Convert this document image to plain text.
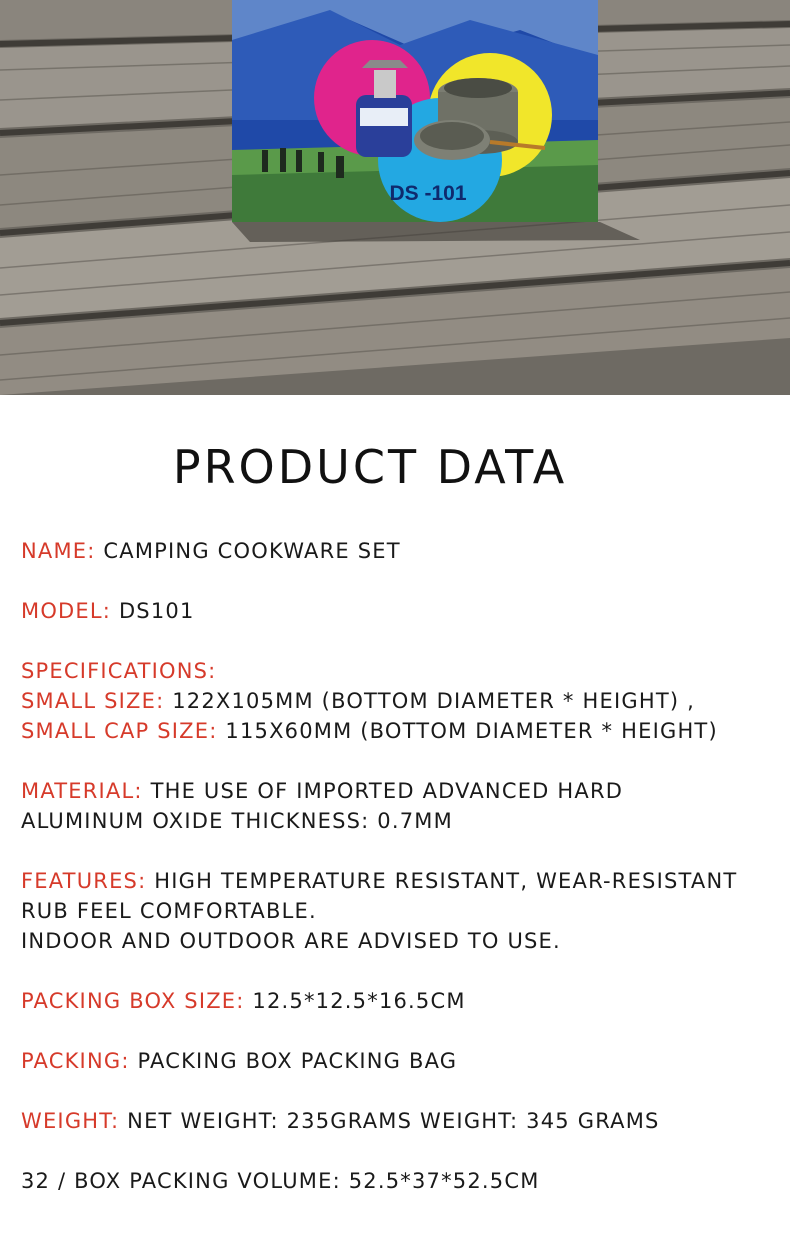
DS -101
PRODUCT DATA
NAME: CAMPING COOKWARE SET
MODEL: DS101
SPECIFICATIONS:
SMALL SIZE: 122X105MM (BOTTOM DIAMETER * HEIGHT) ,
SMALL CAP SIZE: 115X60MM (BOTTOM DIAMETER * HEIGHT)
MATERIAL: THE USE OF IMPORTED ADVANCED HARD
ALUMINUM OXIDE THICKNESS: 0.7MM
FEATURES: HIGH TEMPERATURE RESISTANT, WEAR-RESISTANT
RUB FEEL COMFORTABLE.
INDOOR AND OUTDOOR ARE ADVISED TO USE.
PACKING BOX SIZE: 12.5*12.5*16.5CM
PACKING: PACKING BOX PACKING BAG
WEIGHT: NET WEIGHT: 235GRAMS WEIGHT: 345 GRAMS
32 / BOX PACKING VOLUME: 52.5*37*52.5CM
